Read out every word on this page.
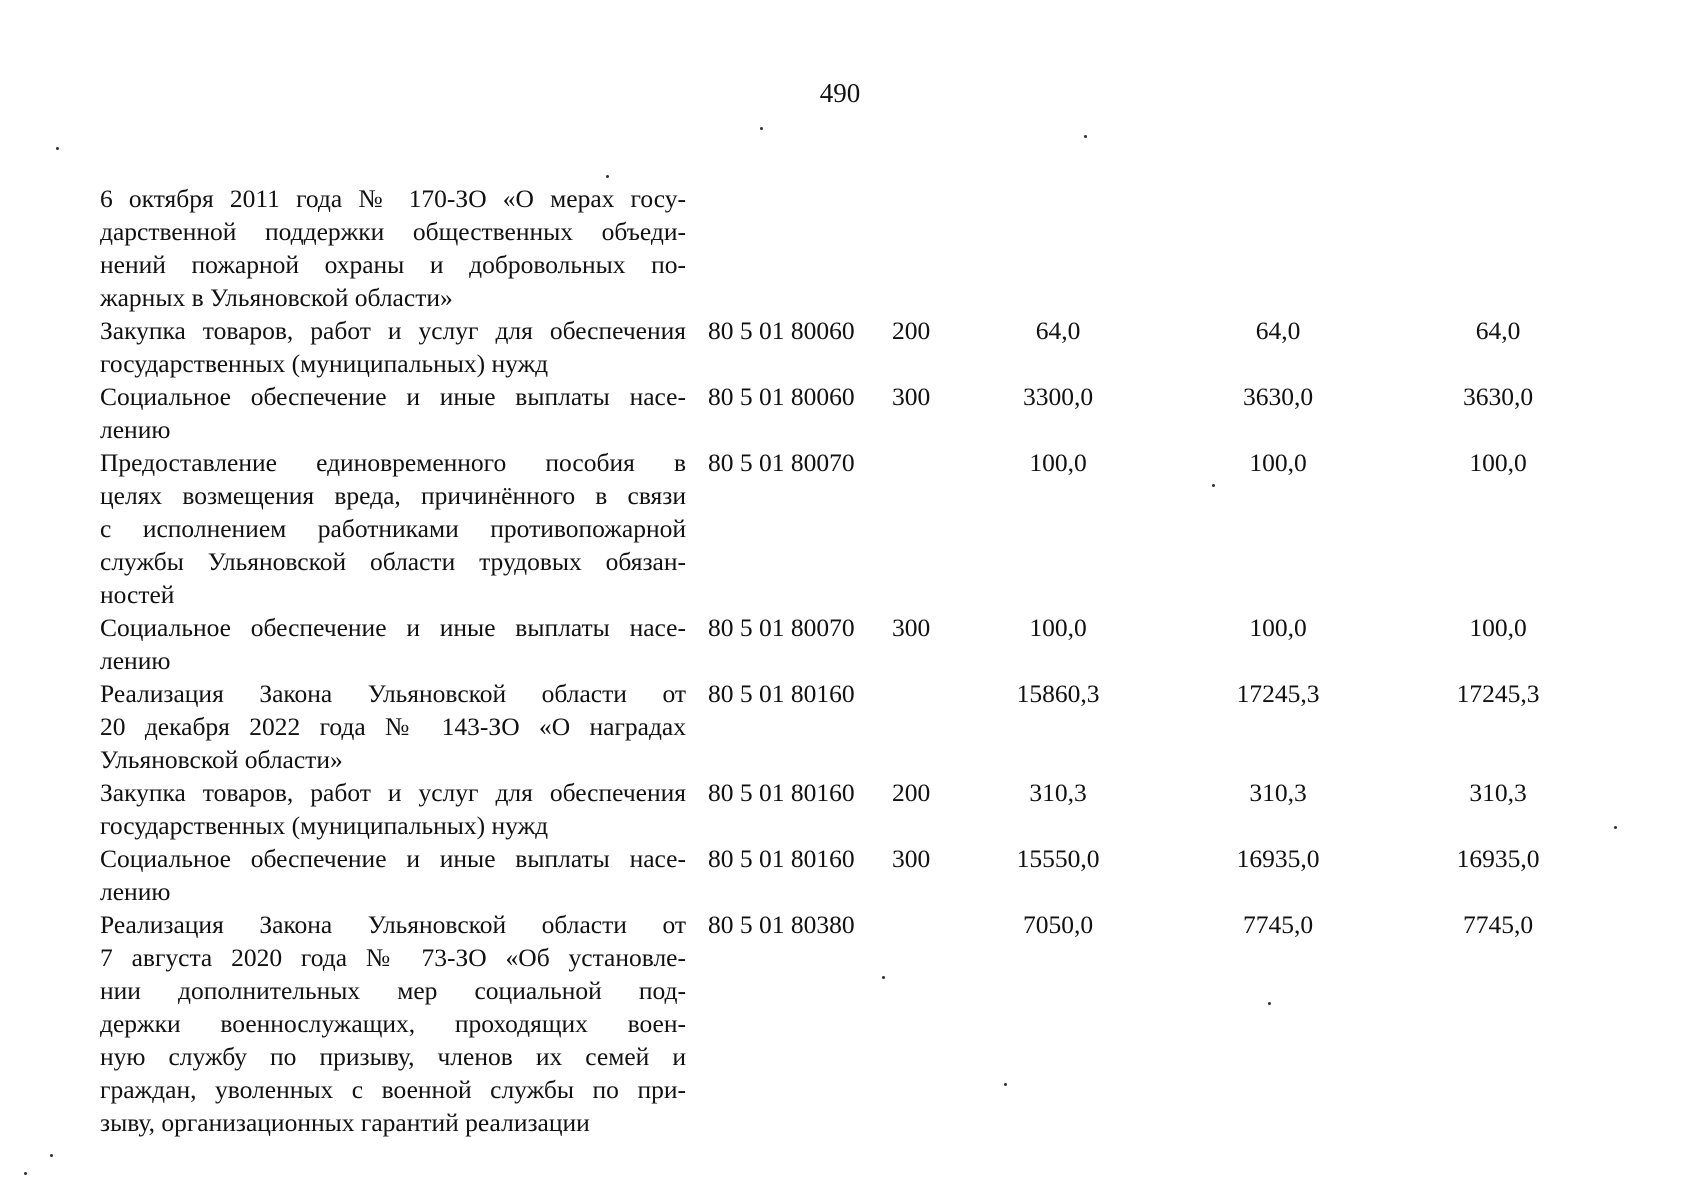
490
6 октября 2011 года № 170-ЗО «О мерах госу-
дарственной поддержки общественных объеди-
нений пожарной охраны и добровольных по-
жарных в Ульяновской области»
Закупка товаров, работ и услуг для обеспечения
государственных (муниципальных) нужд
80 5 01 80060 200	64,0	64,0	64,0
Социальное обеспечение и иные выплаты насе-
лению
80 5 01 80060 300	3300,0	3630,0	3630,0
Предоставление единовременного пособия в
целях возмещения вреда, причинённого в связи
с исполнением работниками противопожарной
службы Ульяновской области трудовых обязан-
ностей
80 5 01 80070	100,0	100,0	100,0
Социальное обеспечение и иные выплаты насе-
лению
80 5 01 80070 300	100,0	100,0	100,0
Реализация Закона Ульяновской области от
20 декабря 2022 года № 143-ЗО «О наградах
Ульяновской области»
80 5 01 80160	15860,3	17245,3	17245,3
Закупка товаров, работ и услуг для обеспечения
государственных (муниципальных) нужд
80 5 01 80160 200	310,3	310,3	310,3
Социальное обеспечение и иные выплаты насе-
лению
80 5 01 80160 300	15550,0	16935,0	16935,0
Реализация Закона Ульяновской области от
7 августа 2020 года № 73-ЗО «Об установле-
нии дополнительных мер социальной под-
держки военнослужащих, проходящих воен-
ную службу по призыву, членов их семей и
граждан, уволенных с военной службы по при-
зыву, организационных гарантий реализации
80 5 01 80380	7050,0	7745,0	7745,0
